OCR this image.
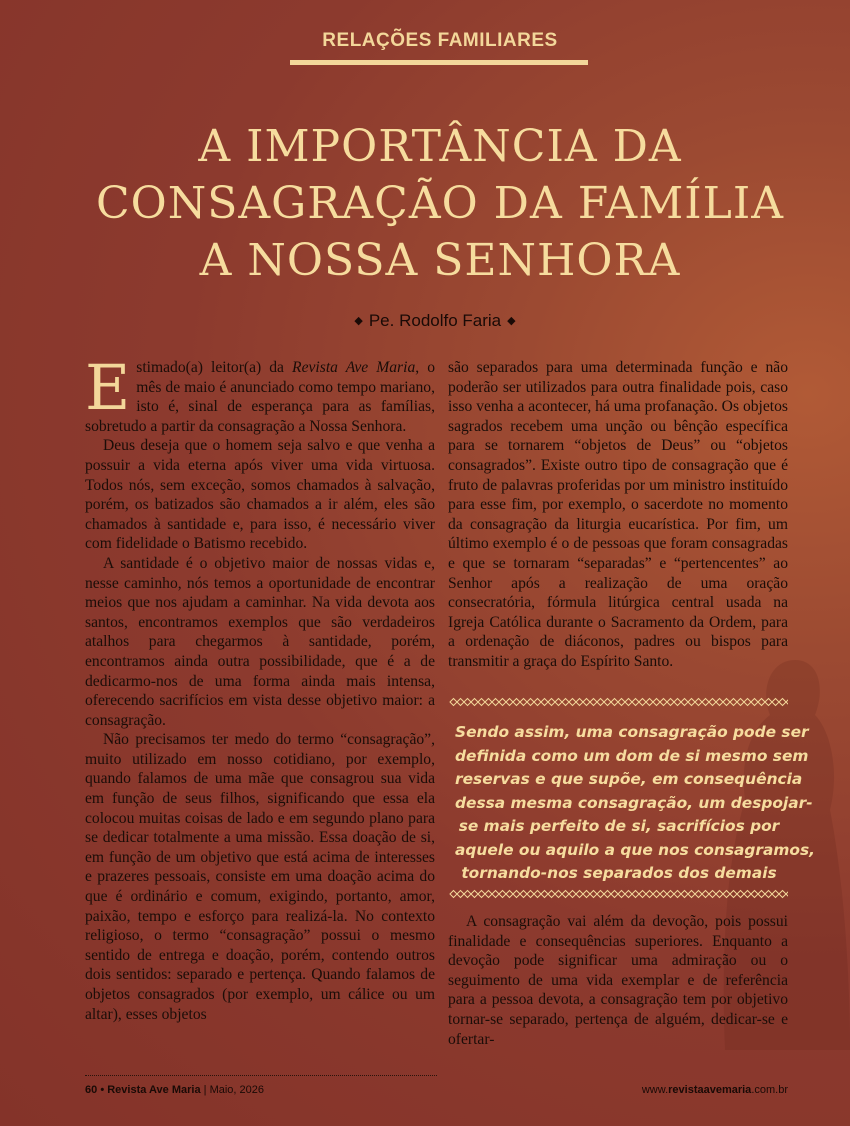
RELAÇÕES FAMILIARES
A IMPORTÂNCIA DA
CONSAGRAÇÃO DA FAMÍLIA
A NOSSA SENHORA
◆ Pe. Rodolfo Faria ◆

Estimado(a) leitor(a) da Revista Ave Maria, o mês de maio é anunciado como tempo mariano, isto é, sinal de esperança para as famílias, sobretudo a partir da consagração a Nossa Senhora.

Deus deseja que o homem seja salvo e que venha a possuir a vida eterna após viver uma vida virtuosa. Todos nós, sem exceção, somos chamados à salvação, porém, os batizados são chamados a ir além, eles são chamados à santidade e, para isso, é necessário viver com fidelidade o Batismo recebido.

A santidade é o objetivo maior de nossas vidas e, nesse caminho, nós temos a oportunidade de encontrar meios que nos ajudam a caminhar. Na vida devota aos santos, encontramos exemplos que são verdadeiros atalhos para chegarmos à santidade, porém, encontramos ainda outra possibilidade, que é a de dedicarmo-nos de uma forma ainda mais intensa, oferecendo sacrifícios em vista desse objetivo maior: a consagração.

Não precisamos ter medo do termo “consagração”, muito utilizado em nosso cotidiano, por exemplo, quando falamos de uma mãe que consagrou sua vida em função de seus filhos, significando que essa ela colocou muitas coisas de lado e em segundo plano para se dedicar totalmente a uma missão. Essa doação de si, em função de um objetivo que está acima de interesses e prazeres pessoais, consiste em uma doação acima do que é ordinário e comum, exigindo, portanto, amor, paixão, tempo e esforço para realizá-la. No contexto religioso, o termo “consagração” possui o mesmo sentido de entrega e doação, porém, contendo outros dois sentidos: separado e pertença. Quando falamos de objetos consagrados (por exemplo, um cálice ou um altar), esses objetos

são separados para uma determinada função e não poderão ser utilizados para outra finalidade pois, caso isso venha a acontecer, há uma profanação. Os objetos sagrados recebem uma unção ou bênção específica para se tornarem “objetos de Deus” ou “objetos consagrados”. Existe outro tipo de consagração que é fruto de palavras proferidas por um ministro instituído para esse fim, por exemplo, o sacerdote no momento da consagração da liturgia eucarística. Por fim, um último exemplo é o de pessoas que foram consagradas e que se tornaram “separadas” e “pertencentes” ao Senhor após a realização de uma oração consecratória, fórmula litúrgica central usada na Igreja Católica durante o Sacramento da Ordem, para a ordenação de diáconos, padres ou bispos para transmitir a graça do Espírito Santo.

Sendo assim, uma consagração pode ser
definida como um dom de si mesmo sem
reservas e que supõe, em consequência
dessa mesma consagração, um despojar-
se mais perfeito de si, sacrifícios por
aquele ou aquilo a que nos consagramos,
tornando-nos separados dos demais

A consagração vai além da devoção, pois possui finalidade e consequências superiores. Enquanto a devoção pode significar uma admiração ou o seguimento de uma vida exemplar e de referência para a pessoa devota, a consagração tem por objetivo tornar-se separado, pertença de alguém, dedicar-se e ofertar-

60 • Revista Ave Maria | Maio, 2026	www.revistaavemaria.com.br
